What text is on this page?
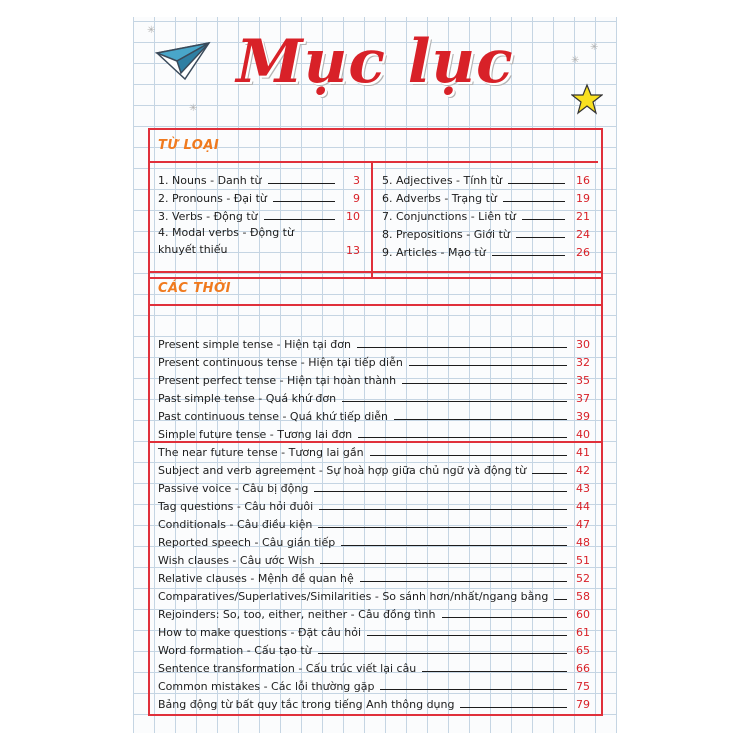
✳
✳
✳
✳
Mục lục
TỪ LOẠI
1. Nouns - Danh từ	3
2. Pronouns - Đại từ	9
3. Verbs - Động từ	10
4. Modal verbs - Động từ khuyết thiếu	13
5. Adjectives - Tính từ	16
6. Adverbs - Trạng từ	19
7. Conjunctions - Liên từ	21
8. Prepositions - Giới từ	24
9. Articles - Mạo từ	26
CÁC THỜI
Present simple tense - Hiện tại đơn	30
Present continuous tense - Hiện tại tiếp diễn	32
Present perfect tense - Hiện tại hoàn thành	35
Past simple tense - Quá khứ đơn	37
Past continuous tense - Quá khứ tiếp diễn	39
Simple future tense - Tương lai đơn	40
The near future tense - Tương lai gần	41
Subject and verb agreement - Sự hoà hợp giữa chủ ngữ và động từ	42
Passive voice - Câu bị động	43
Tag questions - Câu hỏi đuôi	44
Conditionals - Câu điều kiện	47
Reported speech - Câu gián tiếp	48
Wish clauses - Câu ước Wish	51
Relative clauses - Mệnh đề quan hệ	52
Comparatives/Superlatives/Similarities - So sánh hơn/nhất/ngang bằng	58
Rejoinders: So, too, either, neither - Câu đồng tình	60
How to make questions - Đặt câu hỏi	61
Word formation - Cấu tạo từ	65
Sentence transformation - Cấu trúc viết lại câu	66
Common mistakes - Các lỗi thường gặp	75
Bảng động từ bất quy tắc trong tiếng Anh thông dụng	79
